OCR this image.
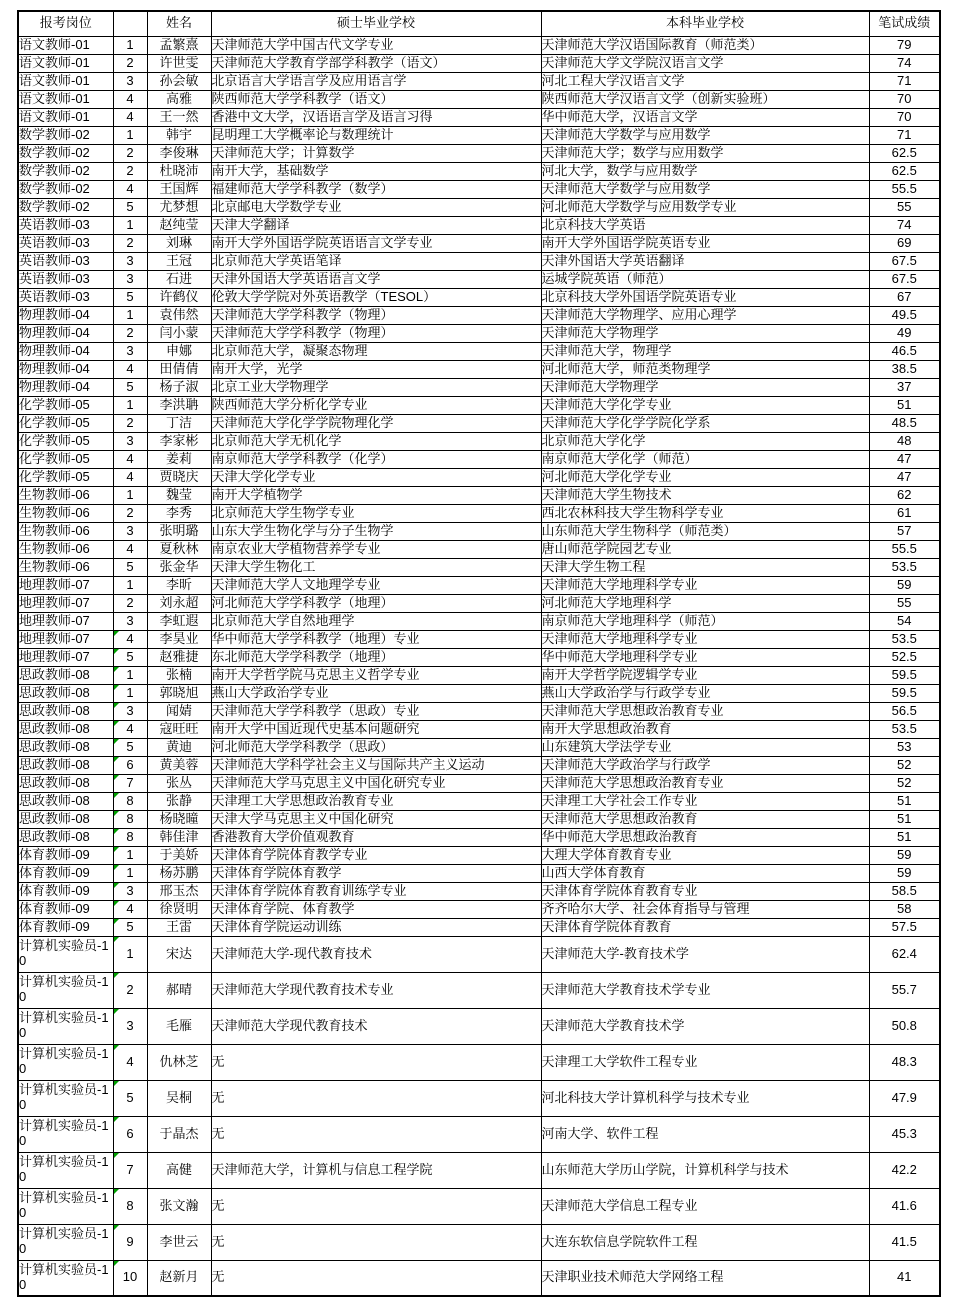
报考岗位		姓名	硕士毕业学校	本科毕业学校	笔试成绩
语文教师-01	1	孟繁熹	天津师范大学中国古代文学专业	天津师范大学汉语国际教育（师范类）	79
语文教师-01	2	许世雯	天津师范大学教育学部学科教学（语文）	天津师范大学文学院汉语言文学	74
语文教师-01	3	孙会敏	北京语言大学语言学及应用语言学	河北工程大学汉语言文学	71
语文教师-01	4	高雅	陕西师范大学学科教学（语文）	陕西师范大学汉语言文学（创新实验班）	70
语文教师-01	4	王一然	香港中文大学，汉语语言学及语言习得	华中师范大学，汉语言文学	70
数学教师-02	1	韩宇	昆明理工大学概率论与数理统计	天津师范大学数学与应用数学	71
数学教师-02	2	李俊琳	天津师范大学；计算数学	天津师范大学；数学与应用数学	62.5
数学教师-02	2	杜晓沛	南开大学，基础数学	河北大学，数学与应用数学	62.5
数学教师-02	4	王国辉	福建师范大学学科教学（数学）	天津师范大学数学与应用数学	55.5
数学教师-02	5	尤梦想	北京邮电大学数学专业	河北师范大学数学与应用数学专业	55
英语教师-03	1	赵纯莹	天津大学翻译	北京科技大学英语	74
英语教师-03	2	刘琳	南开大学外国语学院英语语言文学专业	南开大学外国语学院英语专业	69
英语教师-03	3	王冠	北京师范大学英语笔译	天津外国语大学英语翻译	67.5
英语教师-03	3	石进	天津外国语大学英语语言文学	运城学院英语（师范）	67.5
英语教师-03	5	许鹤仪	伦敦大学学院对外英语教学（TESOL）	北京科技大学外国语学院英语专业	67
物理教师-04	1	袁伟然	天津师范大学学科教学（物理）	天津师范大学物理学、应用心理学	49.5
物理教师-04	2	闫小蒙	天津师范大学学科教学（物理）	天津师范大学物理学	49
物理教师-04	3	申娜	北京师范大学，凝聚态物理	天津师范大学，物理学	46.5
物理教师-04	4	田倩倩	南开大学，光学	河北师范大学，师范类物理学	38.5
物理教师-04	5	杨子淑	北京工业大学物理学	天津师范大学物理学	37
化学教师-05	1	李洪聃	陕西师范大学分析化学专业	天津师范大学化学专业	51
化学教师-05	2	丁洁	天津师范大学化学学院物理化学	天津师范大学化学学院化学系	48.5
化学教师-05	3	李家彬	北京师范大学无机化学	北京师范大学化学	48
化学教师-05	4	姜莉	南京师范大学学科教学（化学）	南京师范大学化学（师范）	47
化学教师-05	4	贾晓庆	天津大学化学专业	河北师范大学化学专业	47
生物教师-06	1	魏莹	南开大学植物学	天津师范大学生物技术	62
生物教师-06	2	李秀	北京师范大学生物学专业	西北农林科技大学生物科学专业	61
生物教师-06	3	张明璐	山东大学生物化学与分子生物学	山东师范大学生物科学（师范类）	57
生物教师-06	4	夏秋林	南京农业大学植物营养学专业	唐山师范学院园艺专业	55.5
生物教师-06	5	张金华	天津大学生物化工	天津大学生物工程	53.5
地理教师-07	1	李昕	天津师范大学人文地理学专业	天津师范大学地理科学专业	59
地理教师-07	2	刘永超	河北师范大学学科教学（地理）	河北师范大学地理科学	55
地理教师-07	3	李虹遐	北京师范大学自然地理学	南京师范大学地理科学（师范）	54
地理教师-07	4	李昊业	华中师范大学学科教学（地理）专业	天津师范大学地理科学专业	53.5
地理教师-07	5	赵雅捷	东北师范大学学科教学（地理）	华中师范大学地理科学专业	52.5
思政教师-08	1	张楠	南开大学哲学院马克思主义哲学专业	南开大学哲学院逻辑学专业	59.5
思政教师-08	1	郭晓旭	燕山大学政治学专业	燕山大学政治学与行政学专业	59.5
思政教师-08	3	闻婧	天津师范大学学科教学（思政）专业	天津师范大学思想政治教育专业	56.5
思政教师-08	4	寇旺旺	南开大学中国近现代史基本问题研究	南开大学思想政治教育	53.5
思政教师-08	5	黄迪	河北师范大学学科教学（思政）	山东建筑大学法学专业	53
思政教师-08	6	黄美蓉	天津师范大学科学社会主义与国际共产主义运动	天津师范大学政治学与行政学	52
思政教师-08	7	张丛	天津师范大学马克思主义中国化研究专业	天津师范大学思想政治教育专业	52
思政教师-08	8	张静	天津理工大学思想政治教育专业	天津理工大学社会工作专业	51
思政教师-08	8	杨晓曈	天津大学马克思主义中国化研究	天津师范大学思想政治教育	51
思政教师-08	8	韩佳津	香港教育大学价值观教育	华中师范大学思想政治教育	51
体育教师-09	1	于美娇	天津体育学院体育教学专业	大理大学体育教育专业	59
体育教师-09	1	杨苏鹏	天津体育学院体育教学	山西大学体育教育	59
体育教师-09	3	邢玉杰	天津体育学院体育教育训练学专业	天津体育学院体育教育专业	58.5
体育教师-09	4	徐贤明	天津体育学院、体育教学	齐齐哈尔大学、社会体育指导与管理	58
体育教师-09	5	王雷	天津体育学院运动训练	天津体育学院体育教育	57.5
计算机实验员-10	1	宋达	天津师范大学-现代教育技术	天津师范大学-教育技术学	62.4
计算机实验员-10	2	郝晴	天津师范大学现代教育技术专业	天津师范大学教育技术学专业	55.7
计算机实验员-10	3	毛雁	天津师范大学现代教育技术	天津师范大学教育技术学	50.8
计算机实验员-10	4	仇林芝	无	天津理工大学软件工程专业	48.3
计算机实验员-10	5	吴桐	无	河北科技大学计算机科学与技术专业	47.9
计算机实验员-10	6	于晶杰	无	河南大学、软件工程	45.3
计算机实验员-10	7	高健	天津师范大学，计算机与信息工程学院	山东师范大学历山学院，计算机科学与技术	42.2
计算机实验员-10	8	张文瀚	无	天津师范大学信息工程专业	41.6
计算机实验员-10	9	李世云	无	大连东软信息学院软件工程	41.5
计算机实验员-10	10	赵新月	无	天津职业技术师范大学网络工程	41
